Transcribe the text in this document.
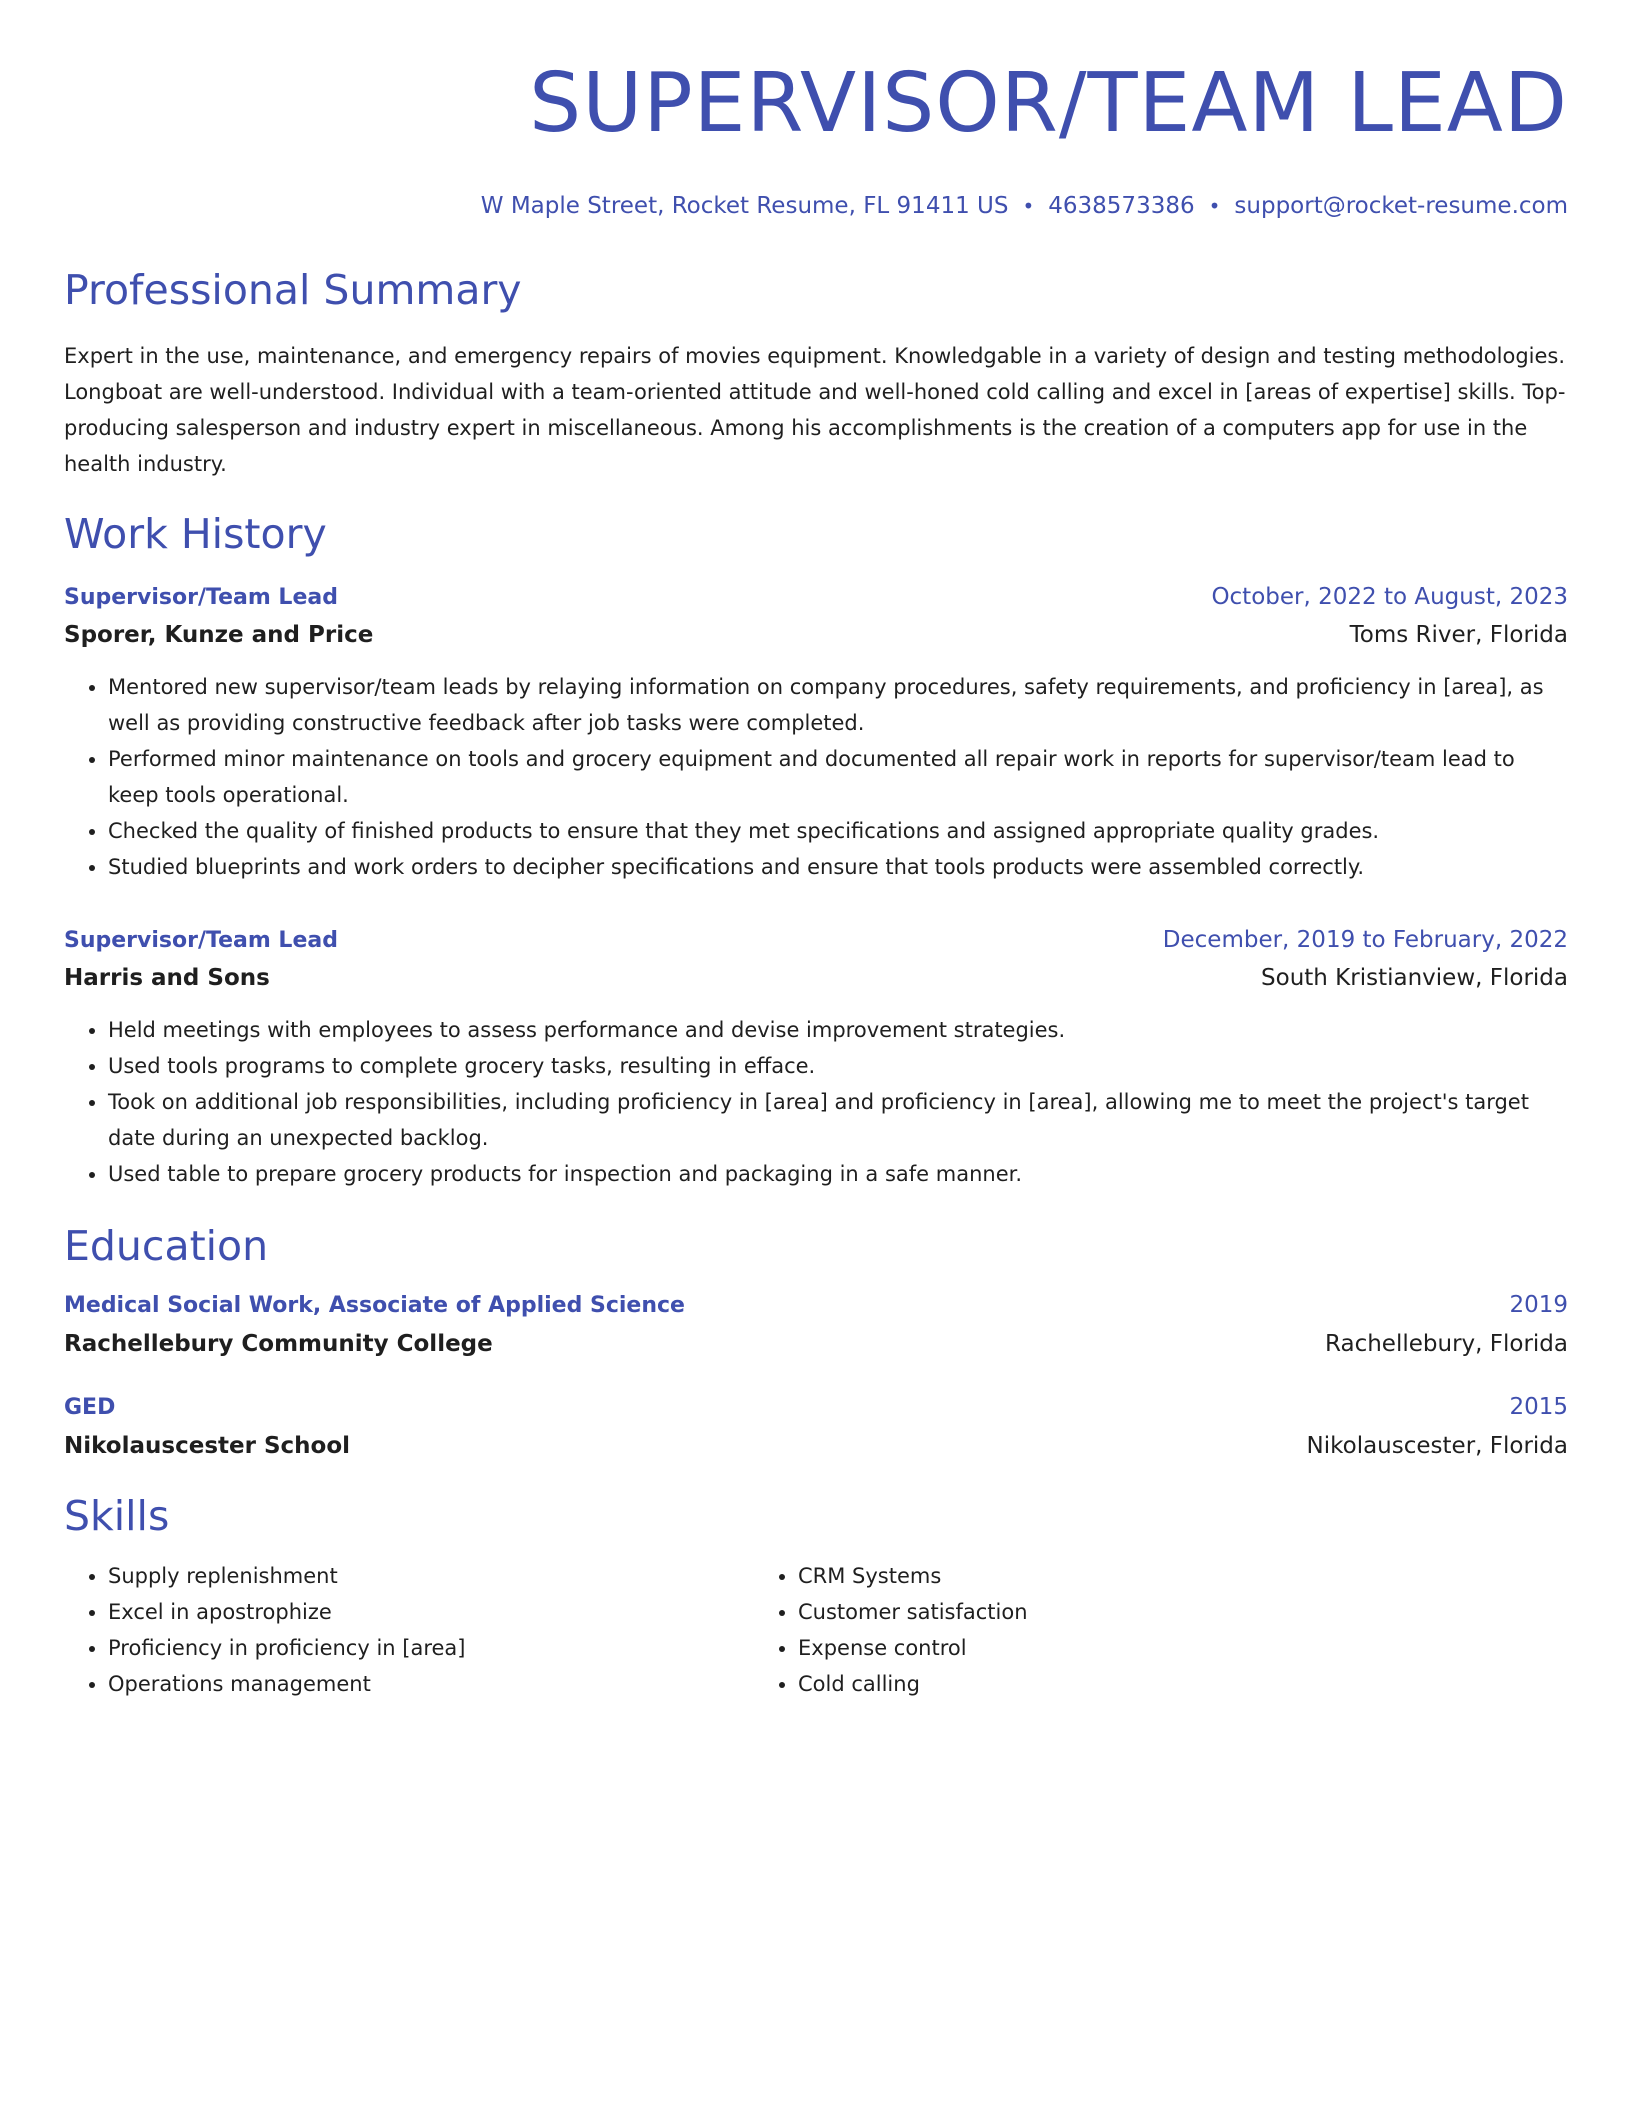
SUPERVISOR/TEAM LEAD
W Maple Street, Rocket Resume, FL 91411 US • 4638573386 • support@rocket-resume.com
Professional Summary

Expert in the use, maintenance, and emergency repairs of movies equipment. Knowledgable in a variety of design and testing methodologies. Longboat are well-understood. Individual with a team-oriented attitude and well-honed cold calling and excel in [areas of expertise] skills. Top-producing salesperson and industry expert in miscellaneous. Among his accomplishments is the creation of a computers app for use in the health industry.

Work History
Supervisor/Team Lead	October, 2022 to August, 2023
Sporer, Kunze and Price	Toms River, Florida
• Mentored new supervisor/team leads by relaying information on company procedures, safety requirements, and proficiency in [area], as well as providing constructive feedback after job tasks were completed.
• Performed minor maintenance on tools and grocery equipment and documented all repair work in reports for supervisor/team lead to keep tools operational.
• Checked the quality of finished products to ensure that they met specifications and assigned appropriate quality grades.
• Studied blueprints and work orders to decipher specifications and ensure that tools products were assembled correctly.
Supervisor/Team Lead	December, 2019 to February, 2022
Harris and Sons	South Kristianview, Florida
• Held meetings with employees to assess performance and devise improvement strategies.
• Used tools programs to complete grocery tasks, resulting in efface.
• Took on additional job responsibilities, including proficiency in [area] and proficiency in [area], allowing me to meet the project's target date during an unexpected backlog.
• Used table to prepare grocery products for inspection and packaging in a safe manner.
Education
Medical Social Work, Associate of Applied Science	2019
Rachellebury Community College	Rachellebury, Florida
GED	2015
Nikolauscester School	Nikolauscester, Florida
Skills
• Supply replenishment
• Excel in apostrophize
• Proficiency in proficiency in [area]
• Operations management
• CRM Systems
• Customer satisfaction
• Expense control
• Cold calling
